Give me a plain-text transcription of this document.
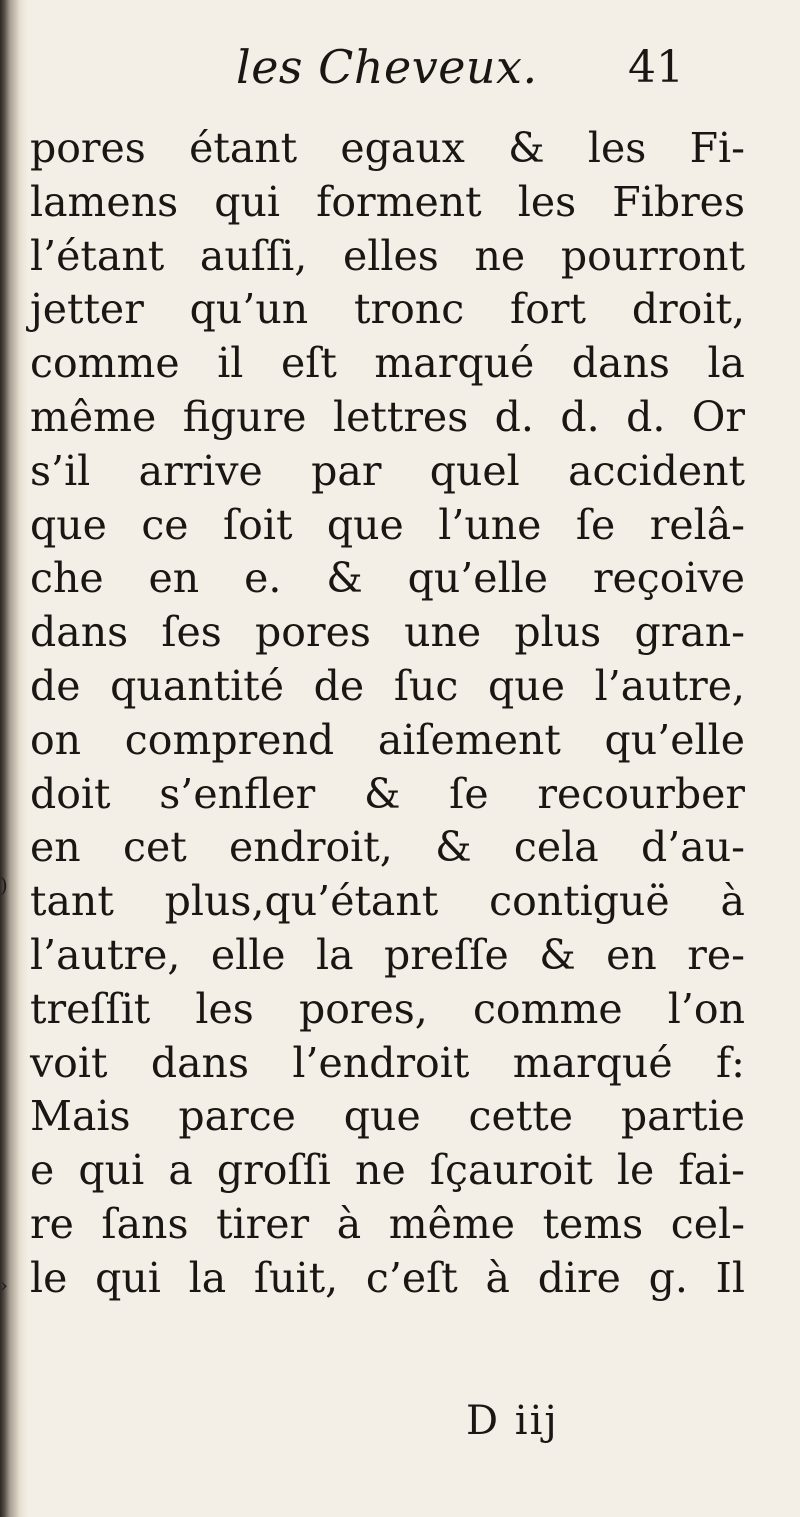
)
›
les Cheveux. 41
pores étant egaux & les Fi-
lamens qui forment les Fibres
l’étant auſſi, elles ne pourront
jetter qu’un tronc fort droit,
comme il eſt marqué dans la
même figure lettres d. d. d. Or
s’il arrive par quel accident
que ce ſoit que l’une ſe relâ-
che en e. & qu’elle reçoive
dans ſes pores une plus gran-
de quantité de ſuc que l’autre,
on comprend aiſement qu’elle
doit s’enfler & ſe recourber
en cet endroit, & cela d’au-
tant plus,qu’étant contiguë à
l’autre, elle la preſſe & en re-
treſſit les pores, comme l’on
voit dans l’endroit marqué f:
Mais parce que cette partie
e qui a groſſi ne ſçauroit le fai-
re ſans tirer à même tems cel-
le qui la ſuit, c’eſt à dire g. Il
D iij
